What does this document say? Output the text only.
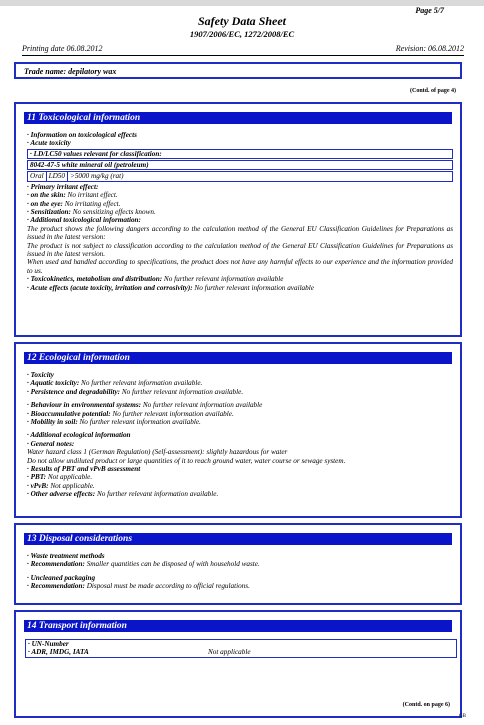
Page 5/7
Safety Data Sheet
1907/2006/EC, 1272/2008/EC
Printing date 06.08.2012	Revision: 06.08.2012
Trade name: depilatory wax
(Contd. of page 4)
11 Toxicological information
· Information on toxicological effects
· Acute toxicity
· LD/LC50 values relevant for classification:
8042-47-5 white mineral oil (petroleum)
Oral LD50 >5000 mg/kg (rat)
· Primary irritant effect:
· on the skin: No irritant effect.
· on the eye: No irritating effect.
· Sensitization: No sensitizing effects known.
· Additional toxicological information:
The product shows the following dangers according to the calculation method of the General EU Classification Guidelines for Preparations as issued in the latest version:
The product is not subject to classification according to the calculation method of the General EU Classification Guidelines for Preparations as issued in the latest version.
When used and handled according to specifications, the product does not have any harmful effects to our experience and the information provided to us.
· Toxicokinetics, metabolism and distribution: No further relevant information available
· Acute effects (acute toxicity, irritation and corrosivity): No further relevant information available
12 Ecological information
· Toxicity
· Aquatic toxicity: No further relevant information available.
· Persistence and degradability: No further relevant information available.
· Behaviour in environmental systems: No further relevant information available
· Bioaccumulative potential: No further relevant information available.
· Mobility in soil: No further relevant information available.
· Additional ecological information
· General notes:
Water hazard class 1 (German Regulation) (Self-assessment): slightly hazardous for water
Do not allow undiluted product or large quantities of it to reach ground water, water course or sewage system.
· Results of PBT and vPvB assessment
· PBT: Not applicable.
· vPvB: Not applicable.
· Other adverse effects: No further relevant information available.
13 Disposal considerations
· Waste treatment methods
· Recommendation: Smaller quantities can be disposed of with household waste.
· Uncleaned packaging
· Recommendation: Disposal must be made according to official regulations.
14 Transport information
· UN-Number
· ADR, IMDG, IATA	Not applicable
(Contd. on page 6)
GB
